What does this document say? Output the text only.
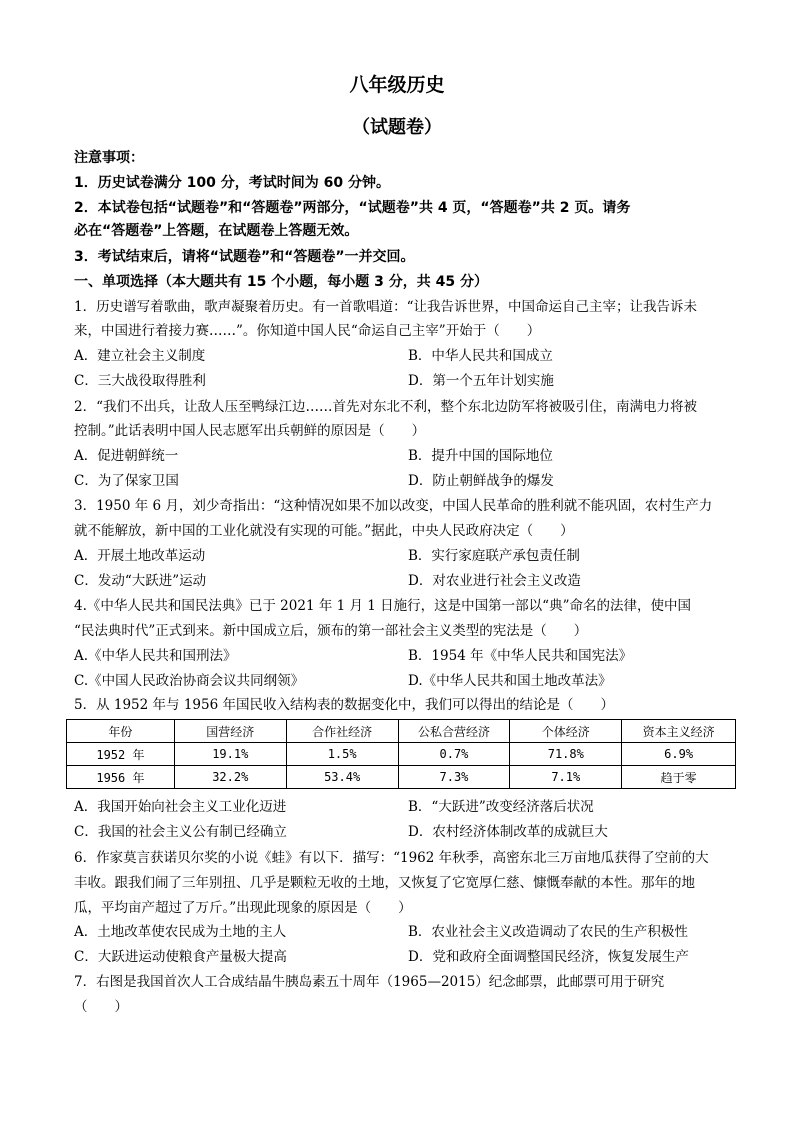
八年级历史
（试题卷）
注意事项：
1．历史试卷满分 100 分，考试时间为 60 分钟。
2．本试卷包括“试题卷”和“答题卷”两部分，“试题卷”共 4 页，“答题卷”共 2 页。请务
必在“答题卷”上答题，在试题卷上答题无效。
3．考试结束后，请将“试题卷”和“答题卷”一并交回。
一、单项选择（本大题共有 15 个小题，每小题 3 分，共 45 分）
1．历史谱写着歌曲，歌声凝聚着历史。有一首歌唱道：“让我告诉世界，中国命运自己主宰；让我告诉未
来，中国进行着接力赛……”。你知道中国人民“命运自己主宰”开始于（　　）
A．建立社会主义制度	B．中华人民共和国成立
C．三大战役取得胜利	D．第一个五年计划实施
2．“我们不出兵，让敌人压至鸭绿江边……首先对东北不利，整个东北边防军将被吸引住，南满电力将被
控制。”此话表明中国人民志愿军出兵朝鲜的原因是（　　）
A．促进朝鲜统一	B．提升中国的国际地位
C．为了保家卫国	D．防止朝鲜战争的爆发
3．1950 年 6 月，刘少奇指出：“这种情况如果不加以改变，中国人民革命的胜利就不能巩固，农村生产力
就不能解放，新中国的工业化就没有实现的可能。”据此，中央人民政府决定（　　）
A．开展土地改革运动	B．实行家庭联产承包责任制
C．发动“大跃进”运动	D．对农业进行社会主义改造
4.《中华人民共和国民法典》已于 2021 年 1 月 1 日施行，这是中国第一部以“典”命名的法律，使中国
“民法典时代”正式到来。新中国成立后，颁布的第一部社会主义类型的宪法是（　　）
A.《中华人民共和国刑法》	B．1954 年《中华人民共和国宪法》
C.《中国人民政治协商会议共同纲领》	D.《中华人民共和国土地改革法》
5．从 1952 年与 1956 年国民收入结构表的数据变化中，我们可以得出的结论是（　　）
年份	国营经济	合作社经济	公私合营经济	个体经济	资本主义经济
1952 年	19.1%	1.5%	0.7%	71.8%	6.9%
1956 年	32.2%	53.4%	7.3%	7.1%	趋于零
A．我国开始向社会主义工业化迈进	B．“大跃进”改变经济落后状况
C．我国的社会主义公有制已经确立	D．农村经济体制改革的成就巨大
6．作家莫言获诺贝尔奖的小说《蛙》有以下．描写：“1962 年秋季，高密东北三万亩地瓜获得了空前的大
丰收。跟我们闹了三年别扭、几乎是颗粒无收的土地，又恢复了它宽厚仁慈、慷慨奉献的本性。那年的地
瓜，平均亩产超过了万斤。”出现此现象的原因是（　　）
A．土地改革使农民成为土地的主人	B．农业社会主义改造调动了农民的生产积极性
C．大跃进运动使粮食产量极大提高	D．党和政府全面调整国民经济，恢复发展生产
7．右图是我国首次人工合成结晶牛胰岛素五十周年（1965—2015）纪念邮票，此邮票可用于研究
（　　）
